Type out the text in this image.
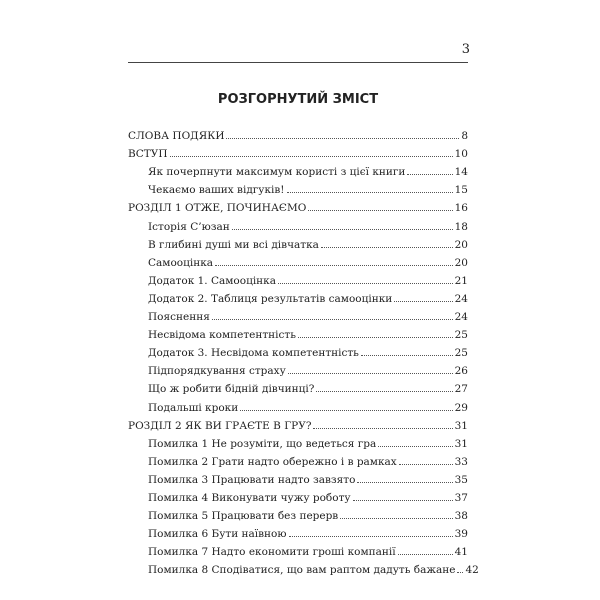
3
РОЗГОРНУТИЙ ЗМІСТ
СЛОВА ПОДЯКИ	8
ВСТУП	10
Як почерпнути максимум користі з цієї книги	14
Чекаємо ваших відгуків!	15
РОЗДІЛ 1 ОТЖЕ, ПОЧИНАЄМО	16
Історія С’юзан	18
В глибині душі ми всі дівчатка	20
Самооцінка	20
Додаток 1. Самооцінка	21
Додаток 2. Таблиця результатів самооцінки	24
Пояснення	24
Несвідома компетентність	25
Додаток 3. Несвідома компетентність	25
Підпорядкування страху	26
Що ж робити бідній дівчинці?	27
Подальші кроки	29
РОЗДІЛ 2 ЯК ВИ ГРАЄТЕ В ГРУ?	31
Помилка 1 Не розуміти, що ведеться гра	31
Помилка 2 Грати надто обережно і в рамках	33
Помилка 3 Працювати надто завзято	35
Помилка 4 Виконувати чужу роботу	37
Помилка 5 Працювати без перерв	38
Помилка 6 Бути наївною	39
Помилка 7 Надто економити гроші компанії	41
Помилка 8 Сподіватися, що вам раптом дадуть бажане 42
